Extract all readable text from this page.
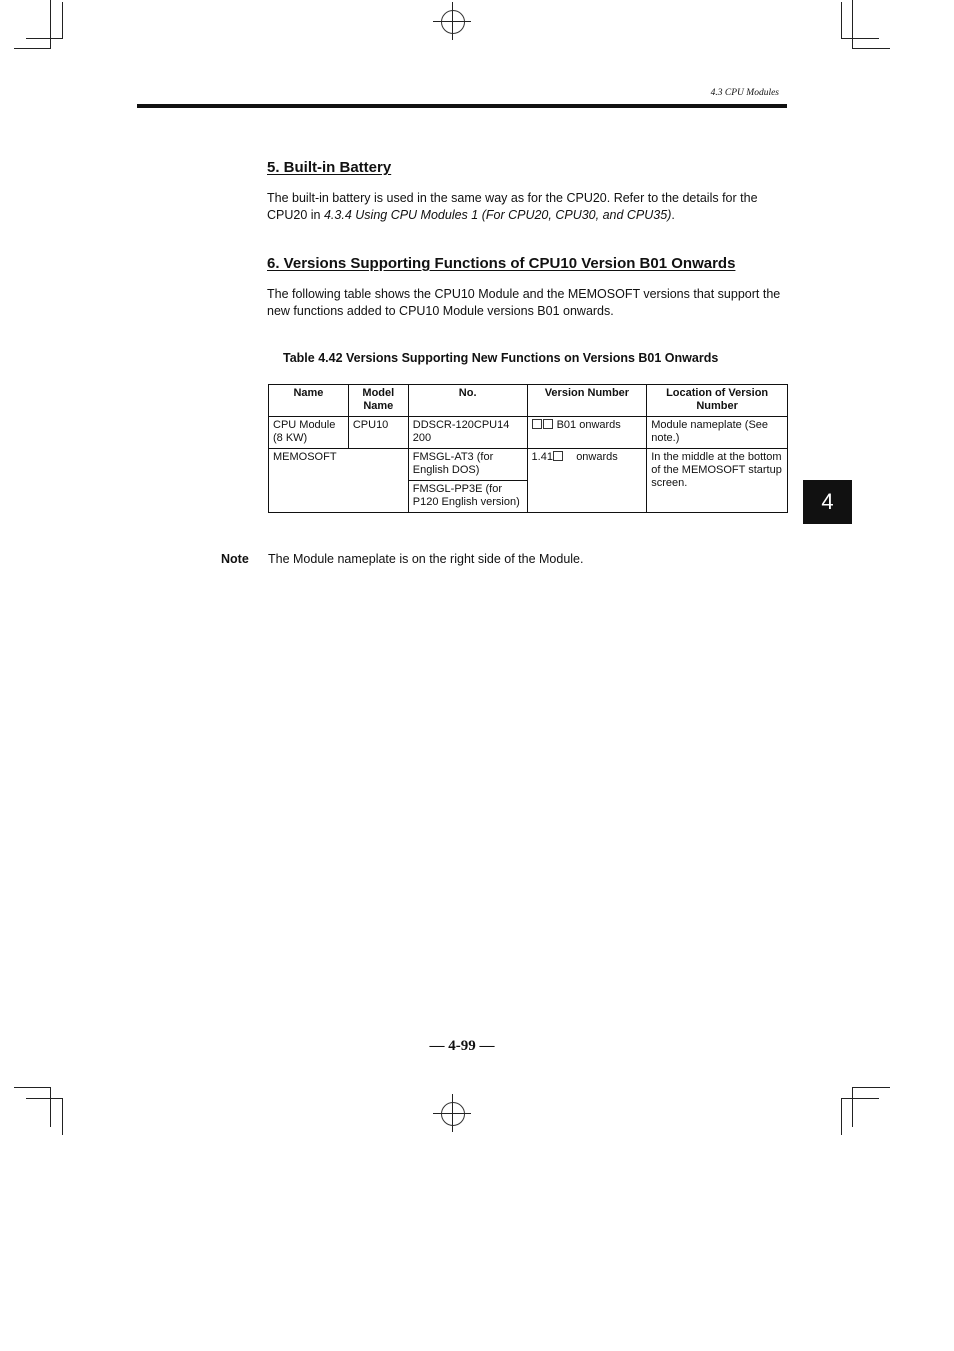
4.3 CPU Modules
5. Built-in Battery

The built-in battery is used in the same way as for the CPU20. Refer to the details for the CPU20 in 4.3.4 Using CPU Modules 1 (For CPU20, CPU30, and CPU35).

6. Versions Supporting Functions of CPU10 Version B01 Onwards

The following table shows the CPU10 Module and the MEMOSOFT versions that support the new functions added to CPU10 Module versions B01 onwards.

Table 4.42 Versions Supporting New Functions on Versions B01 Onwards
Name	Model Name	No.	Version Number	Location of Version Number
CPU Module (8 KW)	CPU10	DDSCR-120CPU14 200	B01 onwards	Module nameplate (See note.)
MEMOSOFT		FMSGL-AT3 (for English DOS)	1.41 onwards	In the middle at the bottom of the MEMOSOFT startup screen.
		FMSGL-PP3E (for P120 English version)		
Note The Module nameplate is on the right side of the Module.
4
— 4-99 —
